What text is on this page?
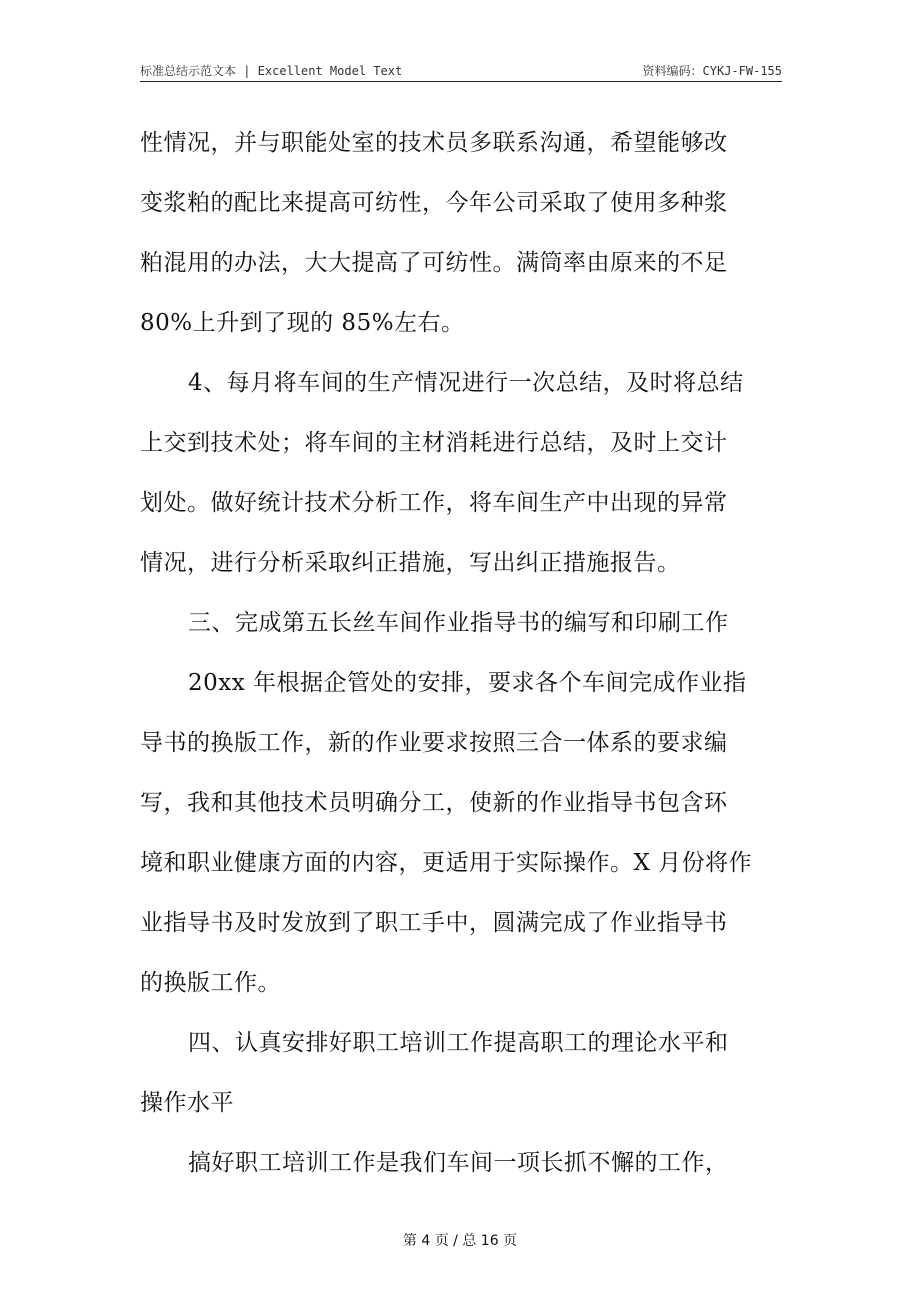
标准总结示范文本 | Excellent Model Text	资料编码：CYKJ-FW-155
性情况，并与职能处室的技术员多联系沟通，希望能够改
变浆粕的配比来提高可纺性，今年公司采取了使用多种浆
粕混用的办法，大大提高了可纺性。满筒率由原来的不足
80%上升到了现的 85%左右。
4、每月将车间的生产情况进行一次总结，及时将总结
上交到技术处；将车间的主材消耗进行总结，及时上交计
划处。做好统计技术分析工作，将车间生产中出现的异常
情况，进行分析采取纠正措施，写出纠正措施报告。
三、完成第五长丝车间作业指导书的编写和印刷工作
20xx 年根据企管处的安排，要求各个车间完成作业指
导书的换版工作，新的作业要求按照三合一体系的要求编
写，我和其他技术员明确分工，使新的作业指导书包含环
境和职业健康方面的内容，更适用于实际操作。X 月份将作
业指导书及时发放到了职工手中，圆满完成了作业指导书
的换版工作。
四、认真安排好职工培训工作提高职工的理论水平和
操作水平
搞好职工培训工作是我们车间一项长抓不懈的工作，
第 4 页 / 总 16 页
